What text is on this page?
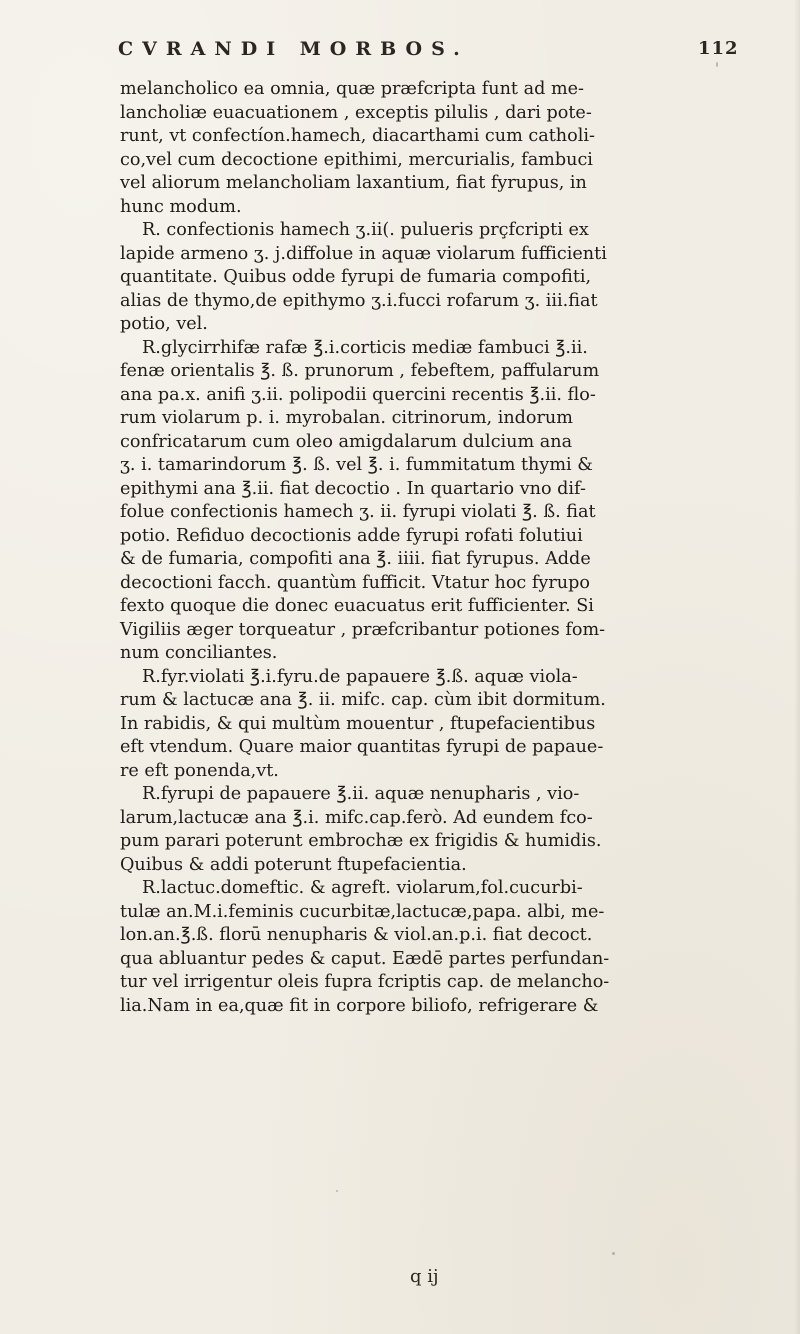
CVRANDI MORBOS.	112
melancholico ea omnia, quæ præfcripta funt ad me-
lancholiæ euacuationem , exceptis pilulis , dari pote-
runt, vt confectíon.hamech, diacarthami cum catholi-
co,vel cum decoctione epithimi, mercurialis, fambuci
vel aliorum melancholiam laxantium, fiat fyrupus, in
hunc modum.
R. confectionis hamech ʒ.ii(. pulueris prçfcripti ex
lapide armeno ʒ. j.diffolue in aquæ violarum fufficienti
quantitate. Quibus odde fyrupi de fumaria compofiti,
alias de thymo,de epithymo ʒ.i.fucci rofarum ʒ. iii.fiat
potio, vel.
R.glycirrhifæ rafæ ℥.i.corticis mediæ fambuci ℥.ii.
fenæ orientalis ℥. ß. prunorum , febeftem, paffularum
ana pa.x. anifi ʒ.ii. polipodii quercini recentis ℥.ii. flo-
rum violarum p. i. myrobalan. citrinorum, indorum
confricatarum cum oleo amigdalarum dulcium ana
ʒ. i. tamarindorum ℥. ß. vel ℥. i. fummitatum thymi &
epithymi ana ℥.ii. fiat decoctio . In quartario vno dif-
folue confectionis hamech ʒ. ii. fyrupi violati ℥. ß. fiat
potio. Refiduo decoctionis adde fyrupi rofati folutiui
& de fumaria, compofiti ana ℥. iiii. fiat fyrupus. Adde
decoctioni facch. quantùm fufficit. Vtatur hoc fyrupo
fexto quoque die donec euacuatus erit fufficienter. Si
Vigiliis æger torqueatur , præfcribantur potiones fom-
num conciliantes.
R.fyr.violati ℥.i.fyru.de papauere ℥.ß. aquæ viola-
rum & lactucæ ana ℥. ii. mifc. cap. cùm ibit dormitum.
In rabidis, & qui multùm mouentur , ftupefacientibus
eft vtendum. Quare maior quantitas fyrupi de papaue-
re eft ponenda,vt.
R.fyrupi de papauere ℥.ii. aquæ nenupharis , vio-
larum,lactucæ ana ℥.i. mifc.cap.ferò. Ad eundem fco-
pum parari poterunt embrochæ ex frigidis & humidis.
Quibus & addi poterunt ftupefacientia.
R.lactuc.domeftic. & agreft. violarum,fol.cucurbi-
tulæ an.M.i.feminis cucurbitæ,lactucæ,papa. albi, me-
lon.an.℥.ß. florū nenupharis & viol.an.p.i. fiat decoct.
qua abluantur pedes & caput. Eædē partes perfundan-
tur vel irrigentur oleis fupra fcriptis cap. de melancho-
lia.Nam in ea,quæ fit in corpore biliofo, refrigerare &
q ij
